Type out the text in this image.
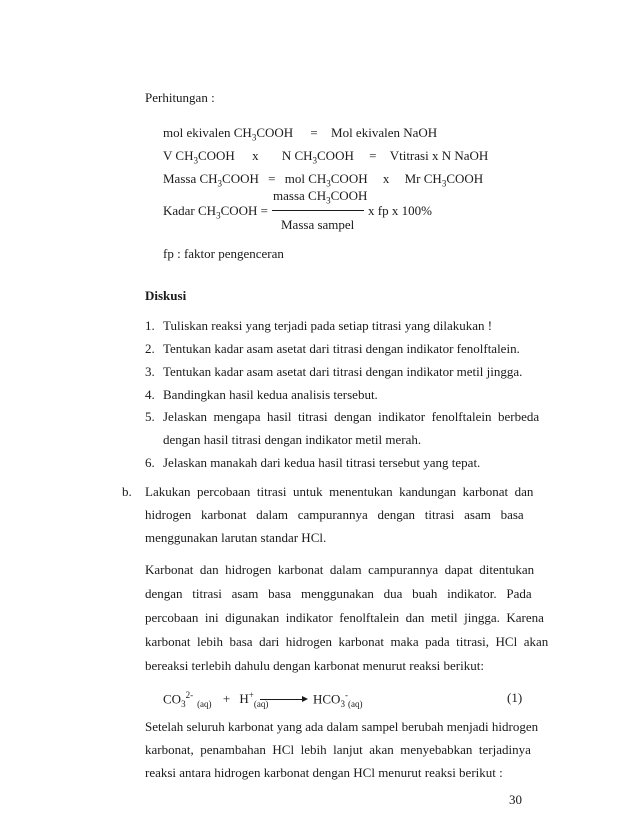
Perhitungan :
mol ekivalen $CH_3COOH$ = Mol ekivalen NaOH
V $CH_3COOH$ x N $CH_3COOH$ = Vtitrasi x N NaOH
Massa $CH_3COOH$ = mol $CH_3COOH$ x Mr $CH_3COOH$
massa $CH_3COOH$
Kadar $CH_3COOH$ =	x fp x 100%
Massa sampel
fp : faktor pengenceran
Diskusi
1. Tuliskan reaksi yang terjadi pada setiap titrasi yang dilakukan !
2. Tentukan kadar asam asetat dari titrasi dengan indikator fenolftalein.
3. Tentukan kadar asam asetat dari titrasi dengan indikator metil jingga.
4. Bandingkan hasil kedua analisis tersebut.
5. Jelaskan  mengapa  hasil  titrasi  dengan  indikator  fenolftalein  berbeda
dengan hasil titrasi dengan indikator metil merah.
6. Jelaskan manakah dari kedua hasil titrasi tersebut yang tepat.
b. Lakukan  percobaan  titrasi  untuk  menentukan  kandungan  karbonat  dan
hidrogen   karbonat   dalam   campurannya   dengan   titrasi   asam   basa
menggunakan larutan standar HCl.
Karbonat  dan  hidrogen  karbonat  dalam  campurannya  dapat  ditentukan
dengan   titrasi   asam   basa   menggunakan   dua   buah   indikator.   Pada
percobaan  ini  digunakan  indikator  fenolftalein  dan  metil  jingga.  Karena
karbonat  lebih  basa  dari  hidrogen  karbonat  maka  pada  titrasi,  HCl  akan
bereaksi terlebih dahulu dengan karbonat menurut reaksi berikut:
$CO_3^{2-}_{(aq)} + H^+_{(aq)} \to HCO_3^-_{(aq)}$	(1)
Setelah seluruh karbonat yang ada dalam sampel berubah menjadi hidrogen
karbonat,  penambahan  HCl  lebih  lanjut  akan  menyebabkan  terjadinya
reaksi antara hidrogen karbonat dengan HCl menurut reaksi berikut :
30
